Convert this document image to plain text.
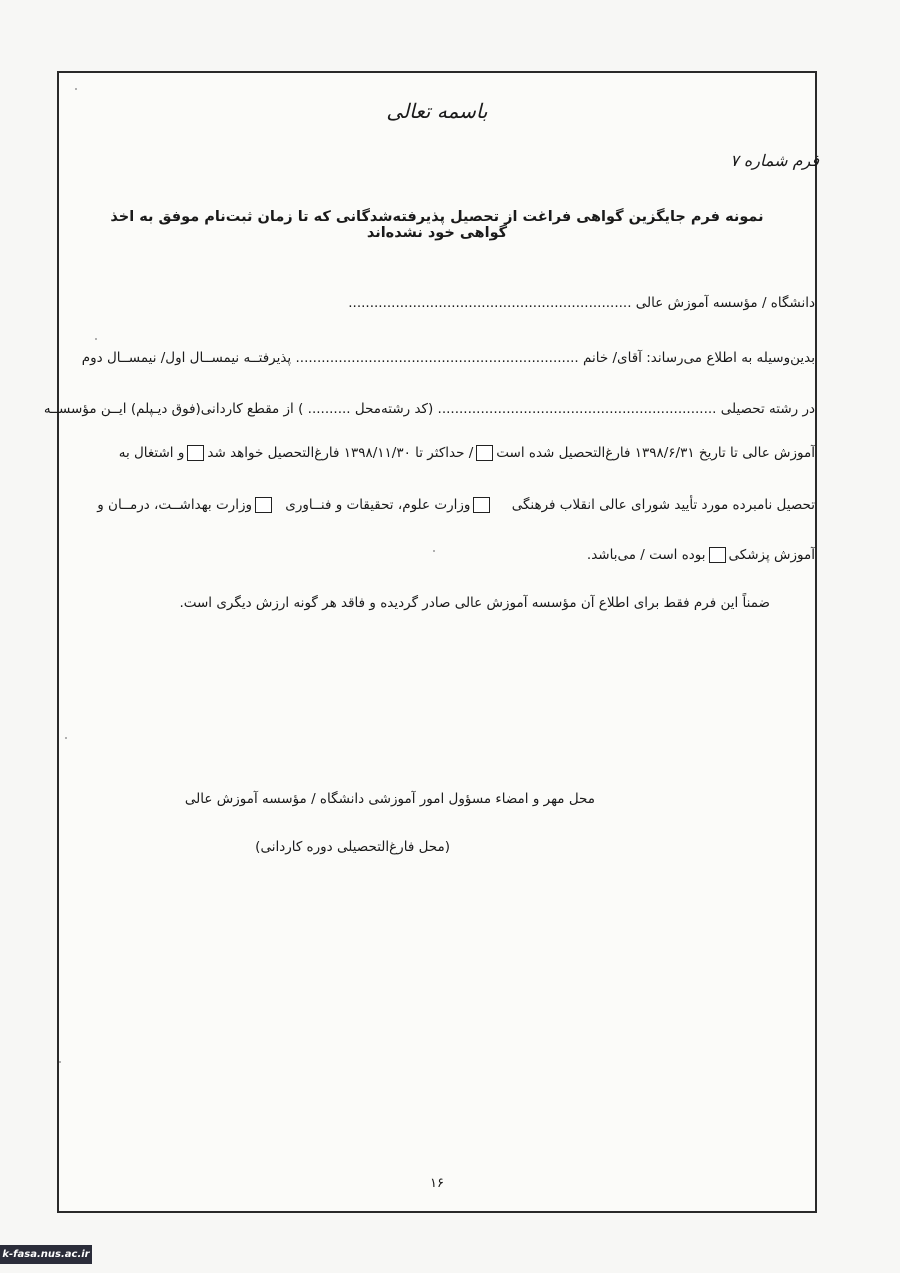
باسمه تعالی
فرم شماره ۷
نمونه فرم جایگزین گواهی فراغت از تحصیل پذیرفته‌شدگانی که تا زمان ثبت‌نام موفق به اخذ گواهی خود نشده‌اند
دانشگاه / مؤسسه آموزش عالی ..................................................................
بدین‌وسیله به اطلاع می‌رساند: آقای/ خانم .................................................................. پذیرفتــه نیمســال اول/ نیمســال دوم
در رشته تحصیلی ................................................................. (کد رشته‌محل .......... ) از مقطع کاردانی(فوق دیـپلم) ایــن مؤسســه
آموزش عالی تا تاریخ ۱۳۹۸/۶/۳۱ فارغ‌التحصیل شده است/ حداکثر تا ۱۳۹۸/۱۱/۳۰ فارغ‌التحصیل خواهد شدو اشتغال به
تحصیل نامبرده مورد تأیید شورای عالی انقلاب فرهنگی وزارت علوم، تحقیقات و فنــاوری وزارت بهداشــت، درمــان و
آموزش پزشکیبوده است / می‌باشد.
ضمناً این فرم فقط برای اطلاع آن مؤسسه آموزش عالی صادر گردیده و فاقد هر گونه ارزش دیگری است.
محل مهر و امضاء مسؤول امور آموزشی دانشگاه / مؤسسه آموزش عالی
(محل فارغ‌التحصیلی دوره کاردانی)
۱۶
k-fasa.nus.ac.ir
